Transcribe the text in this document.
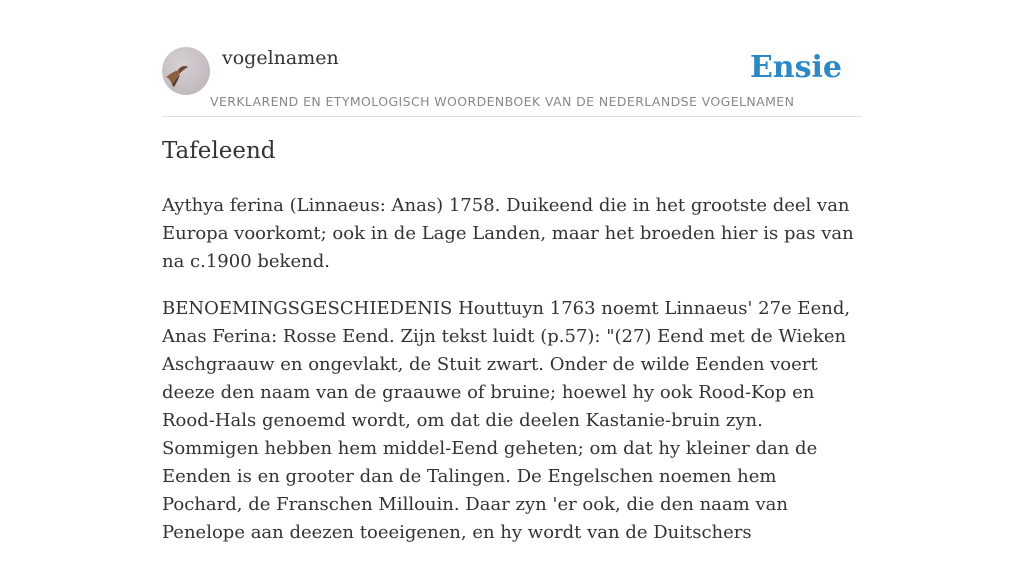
vogelnamen
VERKLAREND EN ETYMOLOGISCH WOORDENBOEK VAN DE NEDERLANDSE VOGELNAMEN
Ensie
Tafeleend

Aythya ferina (Linnaeus: Anas) 1758. Duikeend die in het grootste deel van Europa voorkomt; ook in de Lage Landen, maar het broeden hier is pas van na c.1900 bekend.

BENOEMINGSGESCHIEDENIS Houttuyn 1763 noemt Linnaeus' 27e Eend, Anas Ferina: Rosse Eend. Zijn tekst luidt (p.57): "(27) Eend met de Wieken Aschgraauw en ongevlakt, de Stuit zwart. Onder de wilde Eenden voert deeze den naam van de graauwe of bruine; hoewel hy ook Rood-Kop en Rood-Hals genoemd wordt, om dat die deelen Kastanie-bruin zyn. Sommigen hebben hem middel-Eend geheten; om dat hy kleiner dan de Eenden is en grooter dan de Talingen. De Engelschen noemen hem Pochard, de Franschen Millouin. Daar zyn 'er ook, die den naam van Penelope aan deezen toeeigenen, en hy wordt van de Duitschers
